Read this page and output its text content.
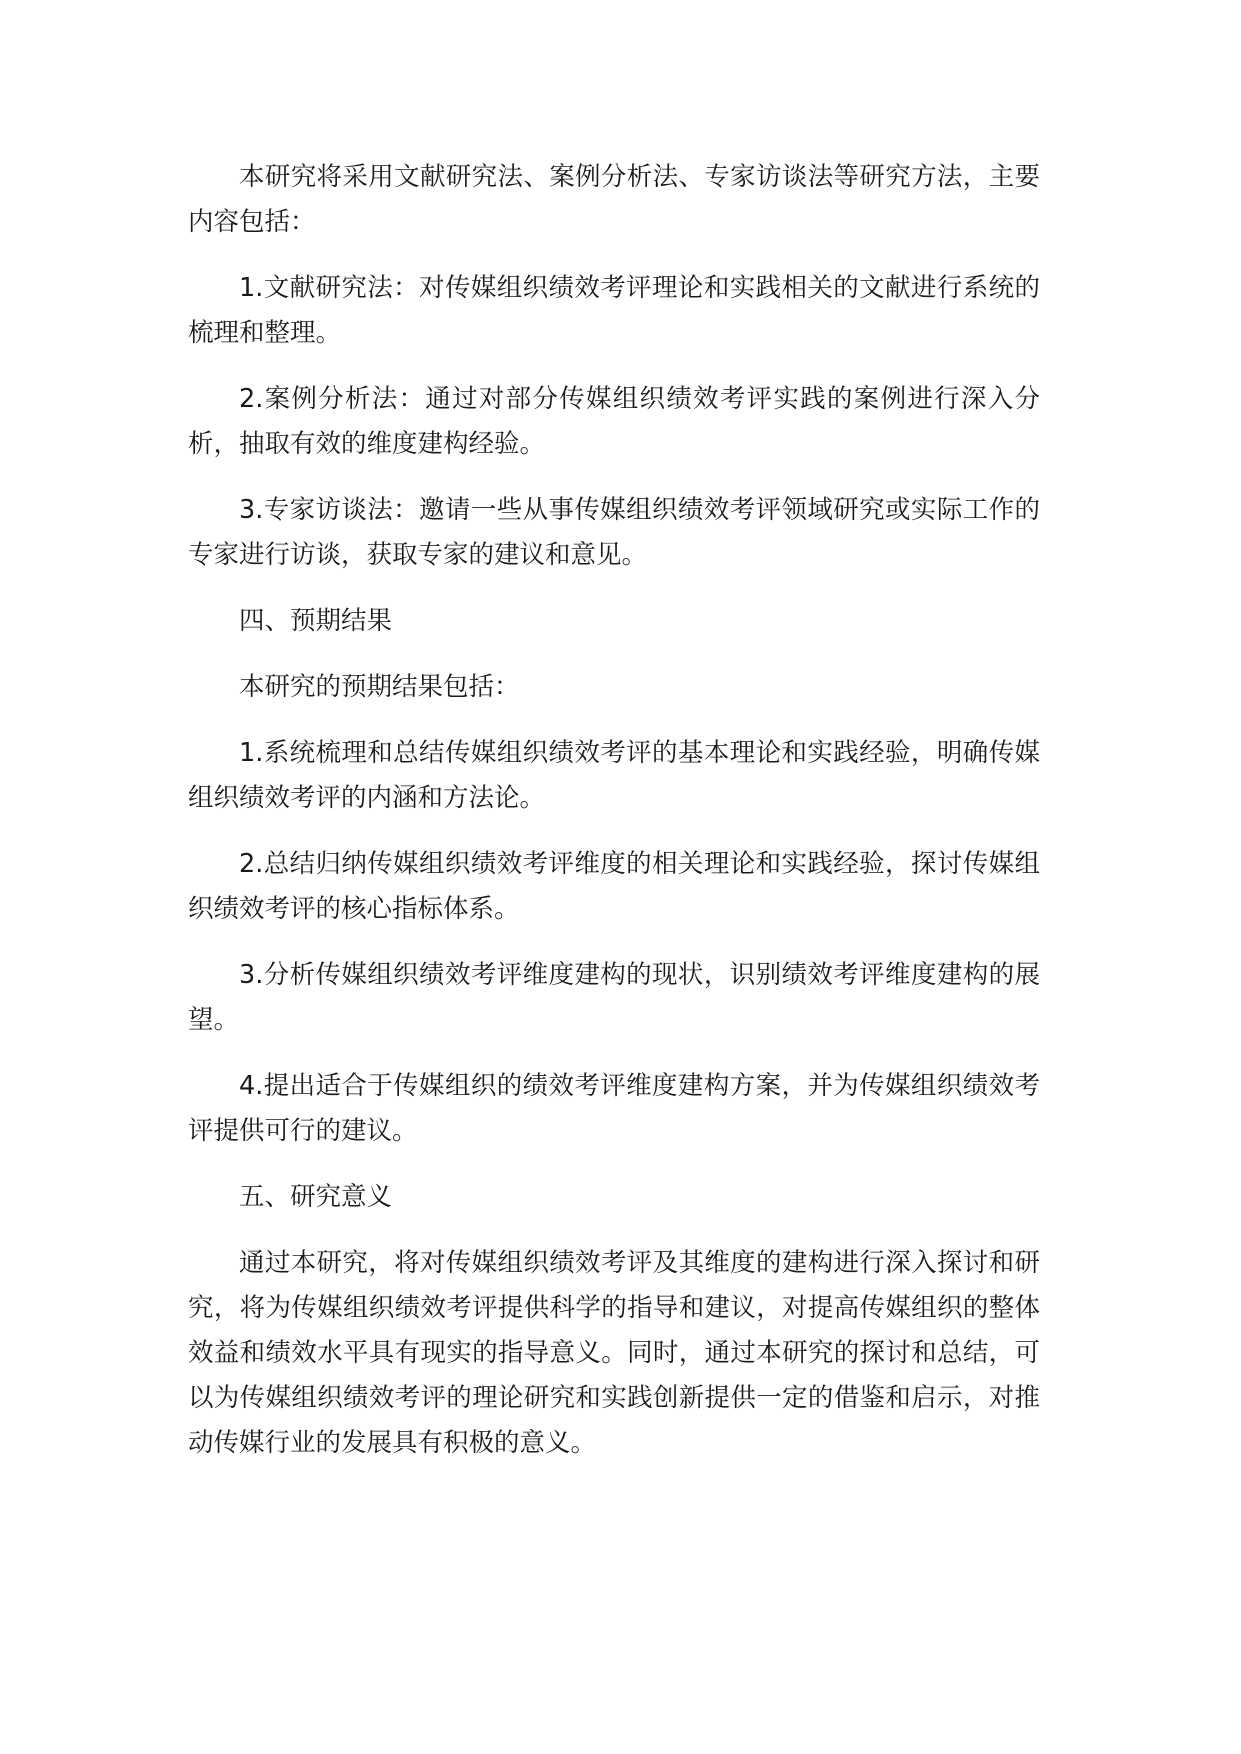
本研究将采用文献研究法、案例分析法、专家访谈法等研究方法，主要内容包括：

1.文献研究法：对传媒组织绩效考评理论和实践相关的文献进行系统的梳理和整理。

2.案例分析法：通过对部分传媒组织绩效考评实践的案例进行深入分析，抽取有效的维度建构经验。

3.专家访谈法：邀请一些从事传媒组织绩效考评领域研究或实际工作的专家进行访谈，获取专家的建议和意见。

四、预期结果

本研究的预期结果包括：

1.系统梳理和总结传媒组织绩效考评的基本理论和实践经验，明确传媒组织绩效考评的内涵和方法论。

2.总结归纳传媒组织绩效考评维度的相关理论和实践经验，探讨传媒组织绩效考评的核心指标体系。

3.分析传媒组织绩效考评维度建构的现状，识别绩效考评维度建构的展望。

4.提出适合于传媒组织的绩效考评维度建构方案，并为传媒组织绩效考评提供可行的建议。

五、研究意义

通过本研究，将对传媒组织绩效考评及其维度的建构进行深入探讨和研究，将为传媒组织绩效考评提供科学的指导和建议，对提高传媒组织的整体效益和绩效水平具有现实的指导意义。同时，通过本研究的探讨和总结，可以为传媒组织绩效考评的理论研究和实践创新提供一定的借鉴和启示，对推动传媒行业的发展具有积极的意义。
